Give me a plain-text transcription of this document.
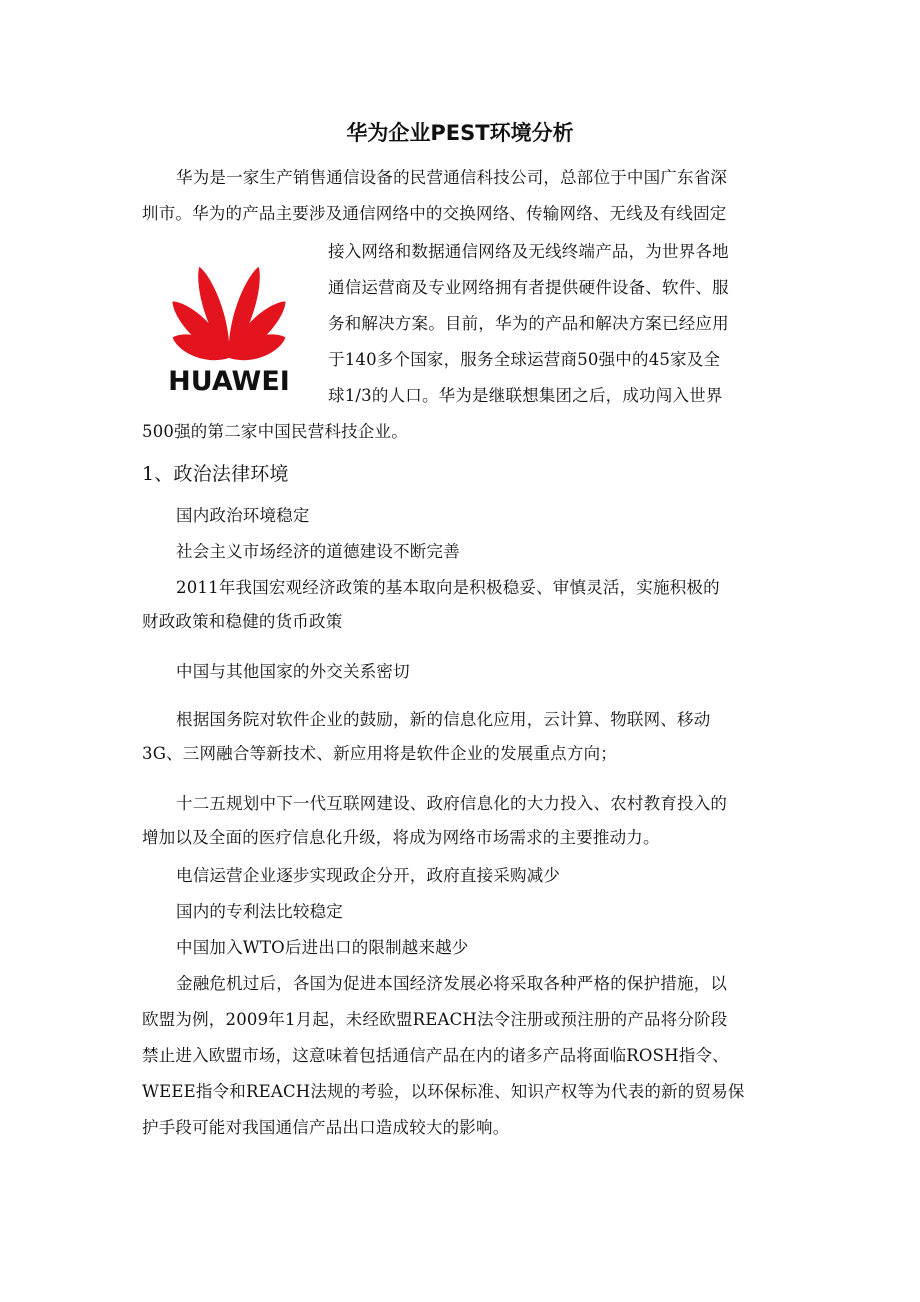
华为企业PEST环境分析
华为是一家生产销售通信设备的民营通信科技公司，总部位于中国广东省深
圳市。华为的产品主要涉及通信网络中的交换网络、传输网络、无线及有线固定
接入网络和数据通信网络及无线终端产品，为世界各地
通信运营商及专业网络拥有者提供硬件设备、软件、服
务和解决方案。目前，华为的产品和解决方案已经应用
于140多个国家，服务全球运营商50强中的45家及全
球1/3的人口。华为是继联想集团之后，成功闯入世界
500强的第二家中国民营科技企业。
HUAWEI
1、政治法律环境
国内政治环境稳定
社会主义市场经济的道德建设不断完善
2011年我国宏观经济政策的基本取向是积极稳妥、审慎灵活，实施积极的
财政政策和稳健的货币政策
中国与其他国家的外交关系密切
根据国务院对软件企业的鼓励，新的信息化应用，云计算、物联网、移动
3G、三网融合等新技术、新应用将是软件企业的发展重点方向；
十二五规划中下一代互联网建设、政府信息化的大力投入、农村教育投入的
增加以及全面的医疗信息化升级，将成为网络市场需求的主要推动力。
电信运营企业逐步实现政企分开，政府直接采购减少
国内的专利法比较稳定
中国加入WTO后进出口的限制越来越少
金融危机过后，各国为促进本国经济发展必将采取各种严格的保护措施，以
欧盟为例，2009年1月起，未经欧盟REACH法令注册或预注册的产品将分阶段
禁止进入欧盟市场，这意味着包括通信产品在内的诸多产品将面临ROSH指令、
WEEE指令和REACH法规的考验，以环保标准、知识产权等为代表的新的贸易保
护手段可能对我国通信产品出口造成较大的影响。
